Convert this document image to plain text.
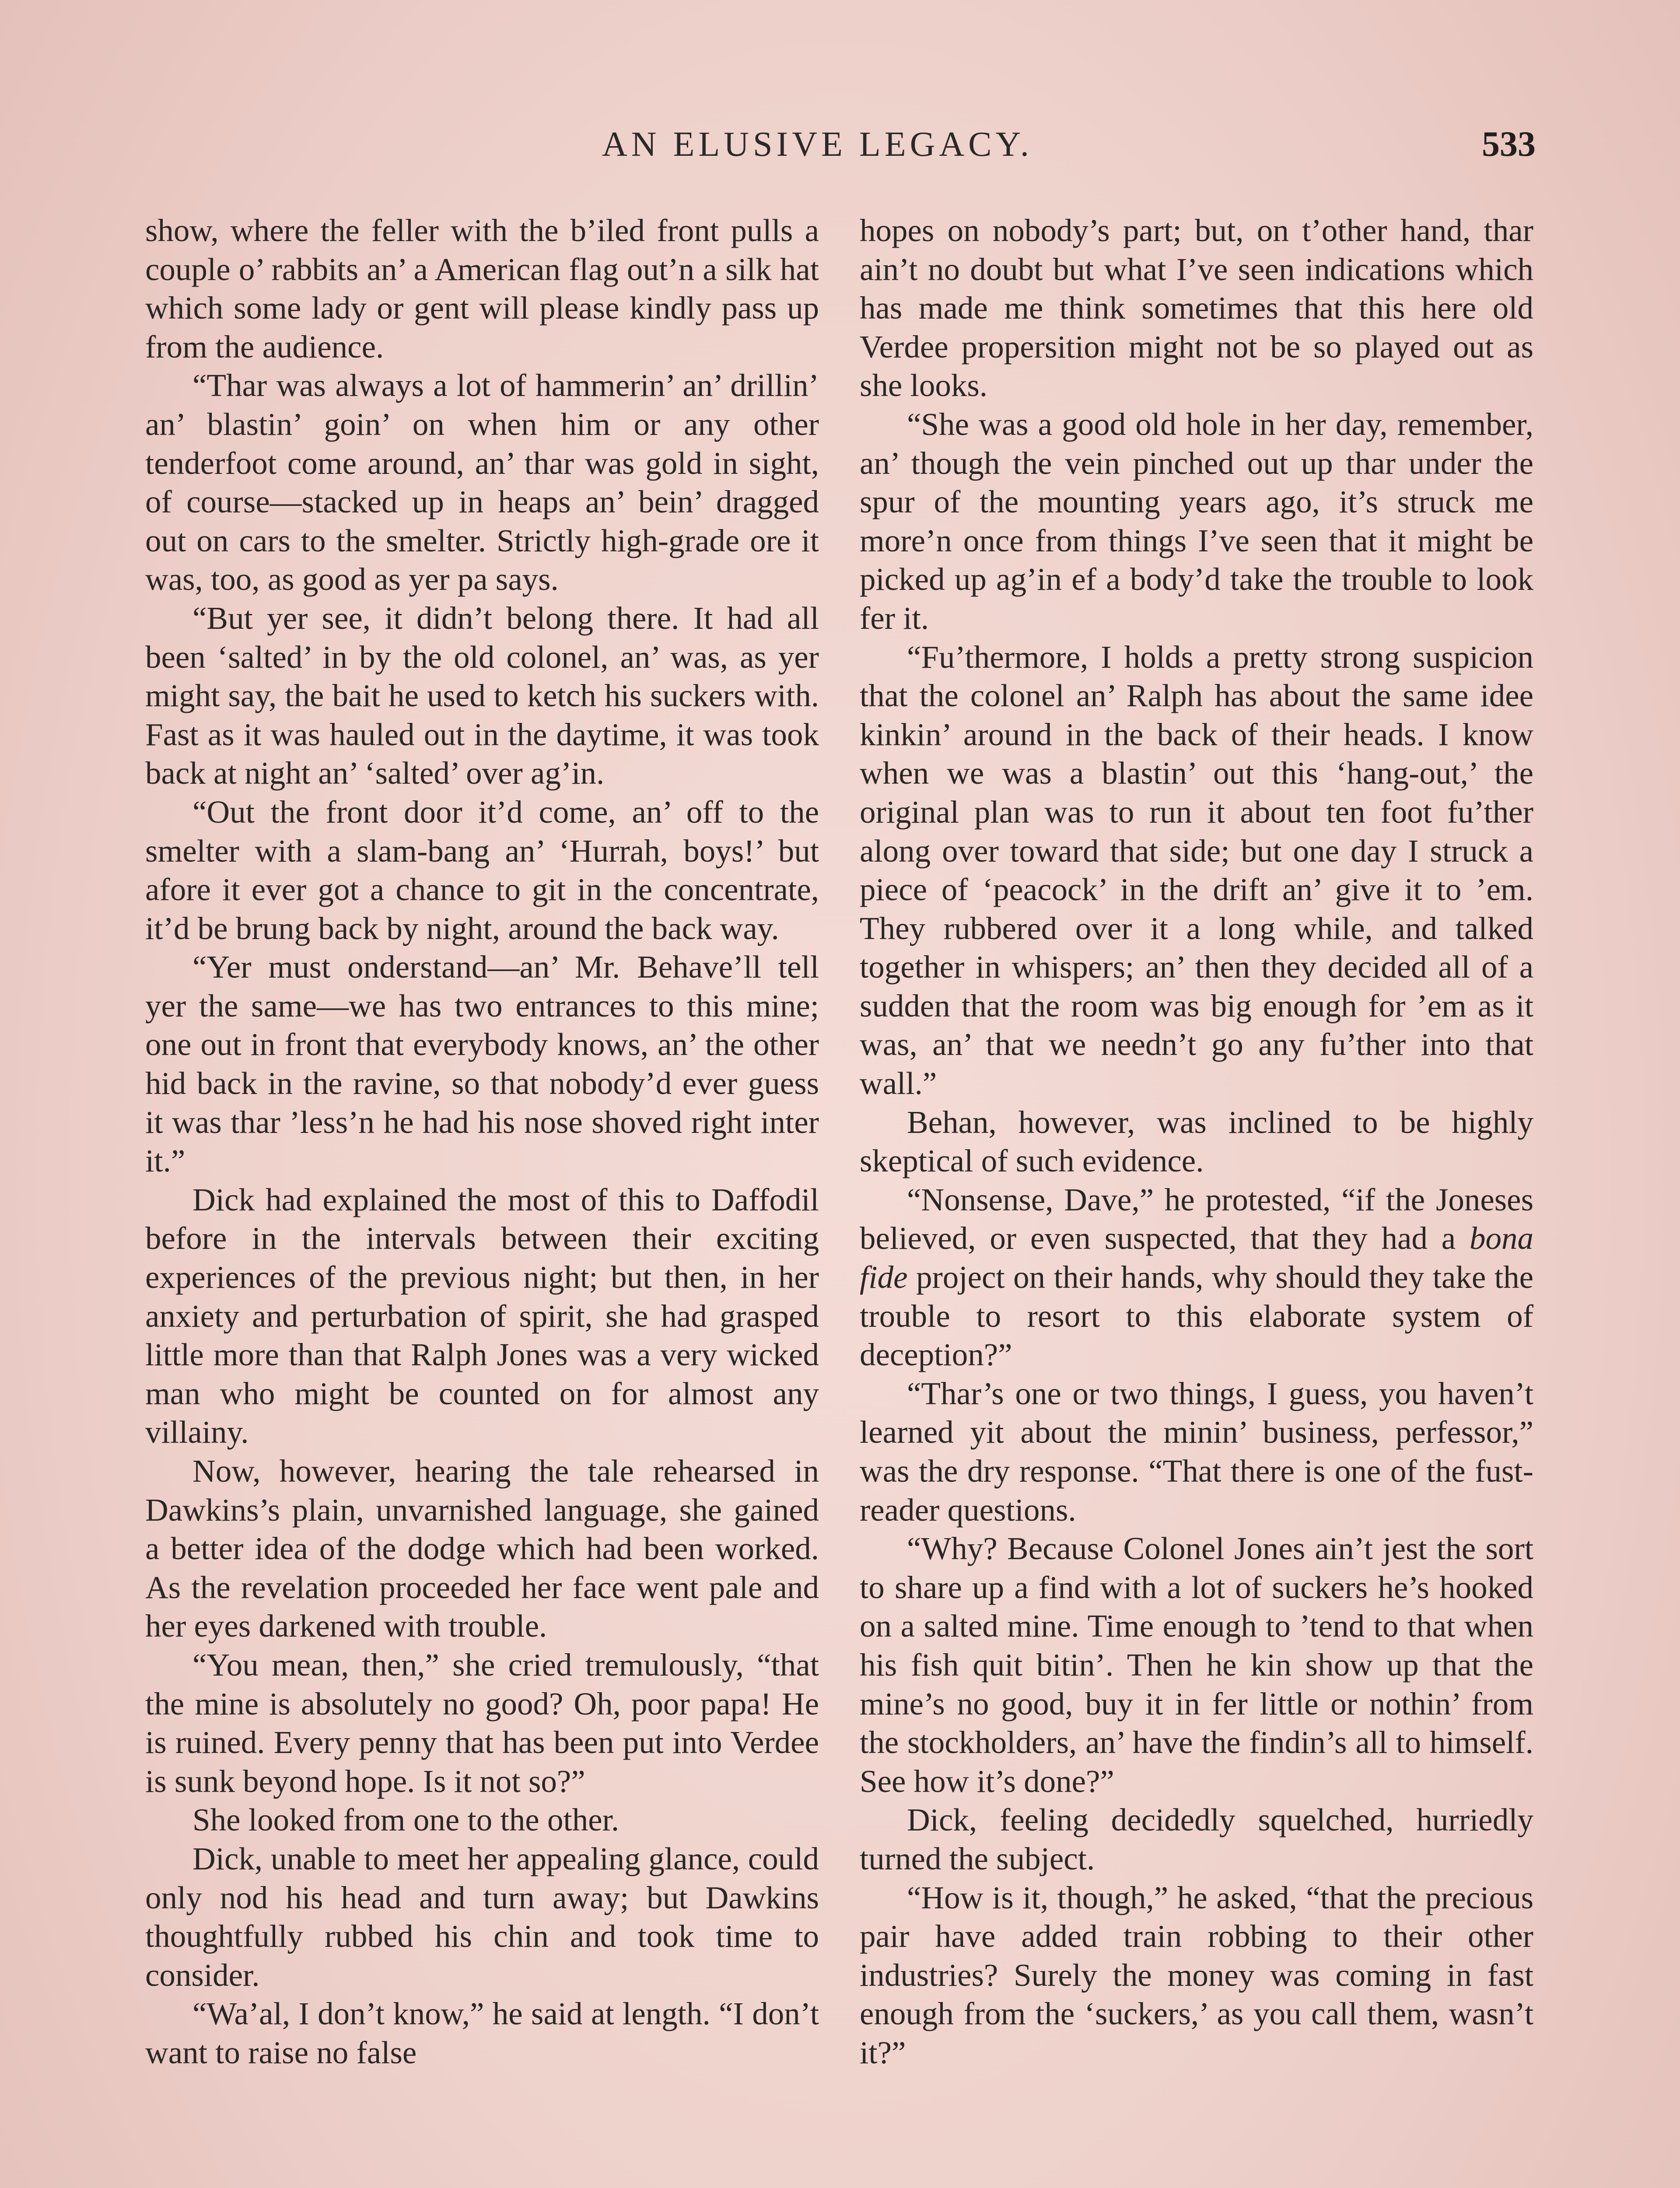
AN ELUSIVE LEGACY.	533

show, where the feller with the b’iled front pulls a couple o’ rabbits an’ a American flag out’n a silk hat which some lady or gent will please kindly pass up from the audience.

“Thar was always a lot of hammerin’ an’ drillin’ an’ blastin’ goin’ on when him or any other tenderfoot come around, an’ thar was gold in sight, of course—stacked up in heaps an’ bein’ dragged out on cars to the smelter. Strictly high-grade ore it was, too, as good as yer pa says.

“But yer see, it didn’t belong there. It had all been ‘salted’ in by the old colonel, an’ was, as yer might say, the bait he used to ketch his suckers with. Fast as it was hauled out in the daytime, it was took back at night an’ ‘salted’ over ag’in.

“Out the front door it’d come, an’ off to the smelter with a slam-bang an’ ‘Hurrah, boys!’ but afore it ever got a chance to git in the concentrate, it’d be brung back by night, around the back way.

“Yer must onderstand—an’ Mr. Behave’ll tell yer the same—we has two entrances to this mine; one out in front that everybody knows, an’ the other hid back in the ravine, so that nobody’d ever guess it was thar ’less’n he had his nose shoved right inter it.”

Dick had explained the most of this to Daffodil before in the intervals between their exciting experiences of the previous night; but then, in her anxiety and perturbation of spirit, she had grasped little more than that Ralph Jones was a very wicked man who might be counted on for almost any villainy.

Now, however, hearing the tale rehearsed in Dawkins’s plain, unvarnished language, she gained a better idea of the dodge which had been worked. As the revelation proceeded her face went pale and her eyes darkened with trouble.

“You mean, then,” she cried tremulously, “that the mine is absolutely no good? Oh, poor papa! He is ruined. Every penny that has been put into Verdee is sunk beyond hope. Is it not so?”

She looked from one to the other.

Dick, unable to meet her appealing glance, could only nod his head and turn away; but Dawkins thoughtfully rubbed his chin and took time to consider.

“Wa’al, I don’t know,” he said at length. “I don’t want to raise no false

hopes on nobody’s part; but, on t’other hand, thar ain’t no doubt but what I’ve seen indications which has made me think sometimes that this here old Verdee propersition might not be so played out as she looks.

“She was a good old hole in her day, remember, an’ though the vein pinched out up thar under the spur of the mounting years ago, it’s struck me more’n once from things I’ve seen that it might be picked up ag’in ef a body’d take the trouble to look fer it.

“Fu’thermore, I holds a pretty strong suspicion that the colonel an’ Ralph has about the same idee kinkin’ around in the back of their heads. I know when we was a blastin’ out this ‘hang-out,’ the original plan was to run it about ten foot fu’ther along over toward that side; but one day I struck a piece of ‘peacock’ in the drift an’ give it to ’em. They rubbered over it a long while, and talked together in whispers; an’ then they decided all of a sudden that the room was big enough for ’em as it was, an’ that we needn’t go any fu’ther into that wall.”

Behan, however, was inclined to be highly skeptical of such evidence.

“Nonsense, Dave,” he protested, “if the Joneses believed, or even suspected, that they had a bona fide project on their hands, why should they take the trouble to resort to this elaborate system of deception?”

“Thar’s one or two things, I guess, you haven’t learned yit about the minin’ business, perfessor,” was the dry response. “That there is one of the fust-reader questions.

“Why? Because Colonel Jones ain’t jest the sort to share up a find with a lot of suckers he’s hooked on a salted mine. Time enough to ’tend to that when his fish quit bitin’. Then he kin show up that the mine’s no good, buy it in fer little or nothin’ from the stockholders, an’ have the findin’s all to himself. See how it’s done?”

Dick, feeling decidedly squelched, hurriedly turned the subject.

“How is it, though,” he asked, “that the precious pair have added train robbing to their other industries? Surely the money was coming in fast enough from the ‘suckers,’ as you call them, wasn’t it?”
